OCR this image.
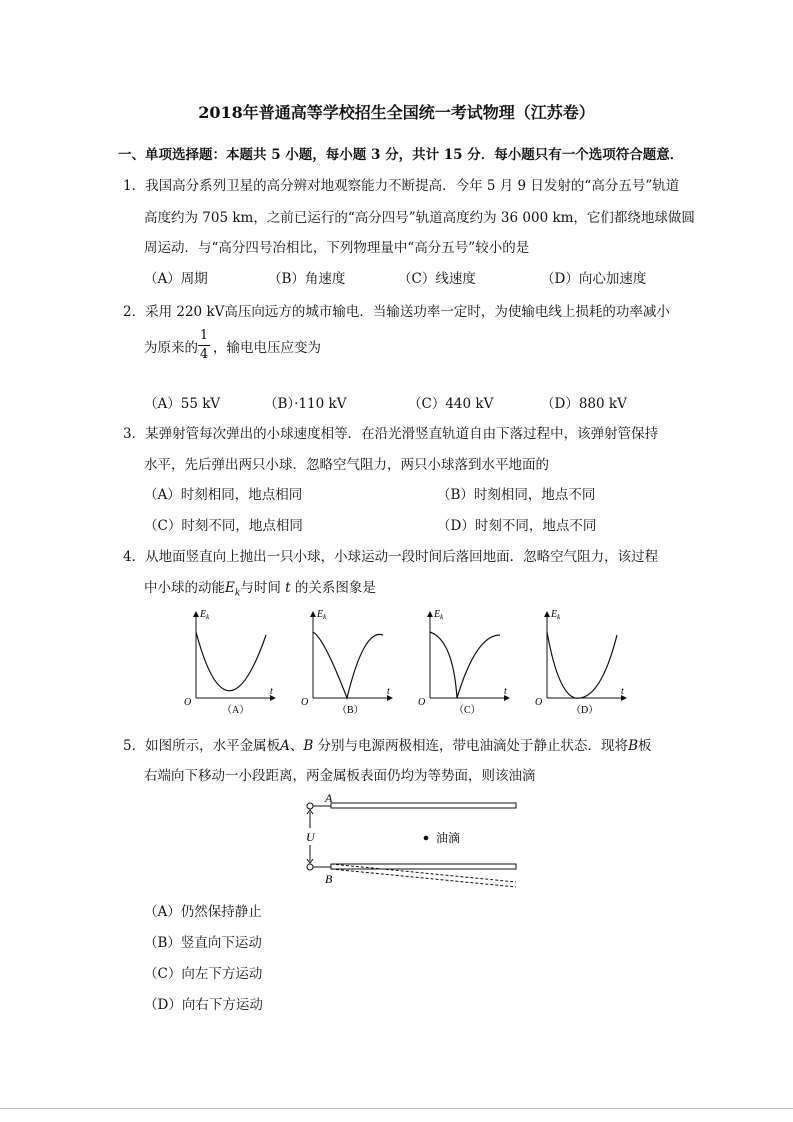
2018年普通高等学校招生全国统一考试物理（江苏卷）
一、单项选择题：本题共 5 小题，每小题 3 分，共计 15 分．每小题只有一个选项符合题意．
1．我国高分系列卫星的高分辨对地观察能力不断提高．今年 5 月 9 日发射的“高分五号”轨道
高度约为 705 km，之前已运行的“高分四号”轨道高度约为 36 000 km，它们都绕地球做圆
周运动．与“高分四号冶相比，下列物理量中“高分五号”较小的是
（A）周期	（B）角速度	（C）线速度	（D）向心加速度
2．采用 220 kV高压向远方的城市输电．当输送功率一定时，为使输电线上损耗的功率减小
为原来的
1
4 ，输电电压应变为
（A）55 kV	（B）·110 kV	（C）440 kV	（D）880 kV
3．某弹射管每次弹出的小球速度相等．在沿光滑竖直轨道自由下落过程中，该弹射管保持
水平，先后弹出两只小球．忽略空气阻力，两只小球落到水平地面的
（A）时刻相同，地点相同	（B）时刻相同，地点不同
（C）时刻不同，地点相同	（D）时刻不同，地点不同
4．从地面竖直向上抛出一只小球，小球运动一段时间后落回地面．忽略空气阻力，该过程
中小球的动能$E_k$与时间 t 的关系图象是
$E_k$
t
O
（A）
$E_k$
t
O
（B）
$E_k$
t
O
（C）
$E_k$
t
O
（D）
5．如图所示，水平金属板A、B 分别与电源两极相连，带电油滴处于静止状态．现将B板
右端向下移动一小段距离，两金属板表面仍均为等势面，则该油滴
U
A
B
油滴
（A）仍然保持静止
（B）竖直向下运动
（C）向左下方运动
（D）向右下方运动
